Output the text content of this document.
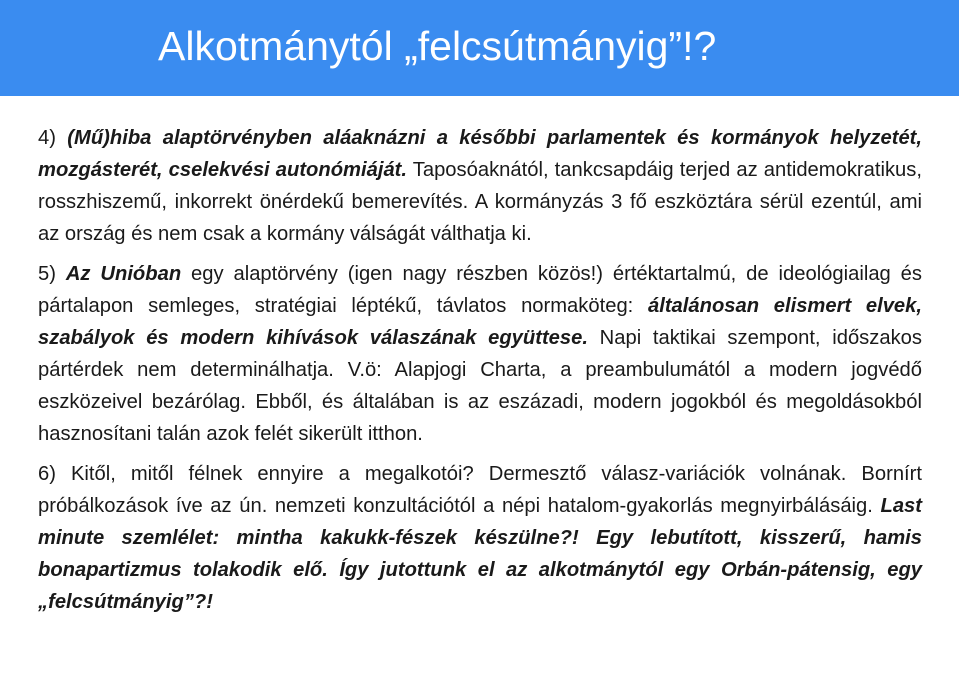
Alkotmánytól „felcsútmányig”!?

4) (Mű)hiba alaptörvényben aláaknázni a későbbi parlamentek és kormányok helyzetét, mozgásterét, cselekvési autonómiáját. Taposóaknától, tankcsapdáig terjed az antidemokratikus, rosszhiszemű, inkorrekt önérdekű bemerevítés. A kormányzás 3 fő eszköztára sérül ezentúl, ami az ország és nem csak a kormány válságát válthatja ki.

5) Az Unióban egy alaptörvény (igen nagy részben közös!) értéktartalmú, de ideológiailag és pártalapon semleges, stratégiai léptékű, távlatos normaköteg: általánosan elismert elvek, szabályok és modern kihívások válaszának együttese. Napi taktikai szempont, időszakos pártérdek nem determinálhatja. V.ö: Alapjogi Charta, a preambulumától a modern jogvédő eszközeivel bezárólag. Ebből, és általában is az eszázadi, modern jogokból és megoldásokból hasznosítani talán azok felét sikerült itthon.

6) Kitől, mitől félnek ennyire a megalkotói? Dermesztő válasz-variációk volnának. Bornírt próbálkozások íve az ún. nemzeti konzultációtól a népi hatalom-gyakorlás megnyirbálásáig. Last minute szemlélet: mintha kakukk-fészek készülne?! Egy lebutított, kisszerű, hamis bonapartizmus tolakodik elő. Így jutottunk el az alkotmánytól egy Orbán-pátensig, egy „felcsútmányig”?!
